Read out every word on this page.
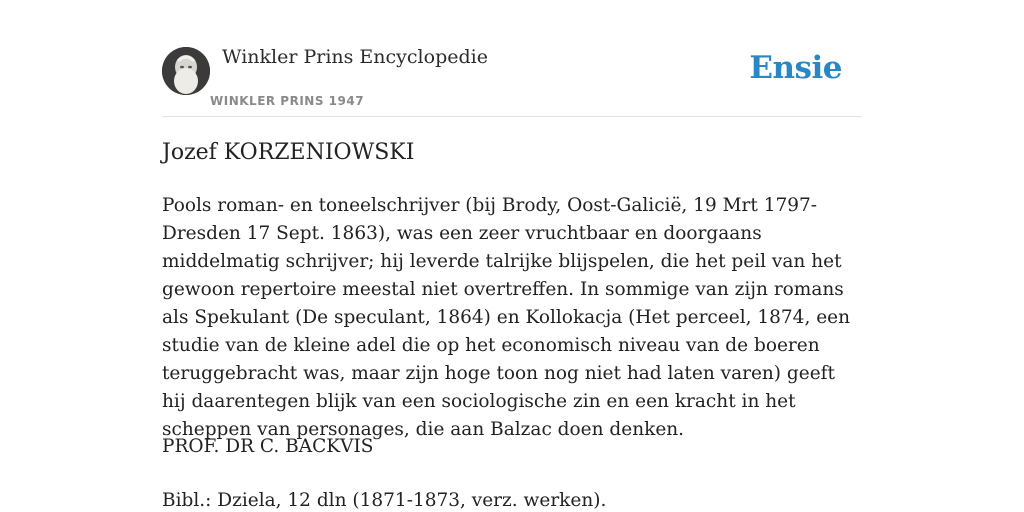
Winkler Prins Encyclopedie
WINKLER PRINS 1947
Ensie
Jozef KORZENIOWSKI

Pools roman- en toneelschrijver (bij Brody, Oost-Galicië, 19 Mrt 1797-Dresden 17 Sept. 1863), was een zeer vruchtbaar en doorgaans middelmatig schrijver; hij leverde talrijke blijspelen, die het peil van het gewoon repertoire meestal niet overtreffen. In sommige van zijn romans als Spekulant (De speculant, 1864) en Kollokacja (Het perceel, 1874, een studie van de kleine adel die op het economisch niveau van de boeren teruggebracht was, maar zijn hoge toon nog niet had laten varen) geeft hij daarentegen blijk van een sociologische zin en een kracht in het scheppen van personages, die aan Balzac doen denken.

PROF. DR C. BACKVIS

Bibl.: Dziela, 12 dln (1871-1873, verz. werken).
